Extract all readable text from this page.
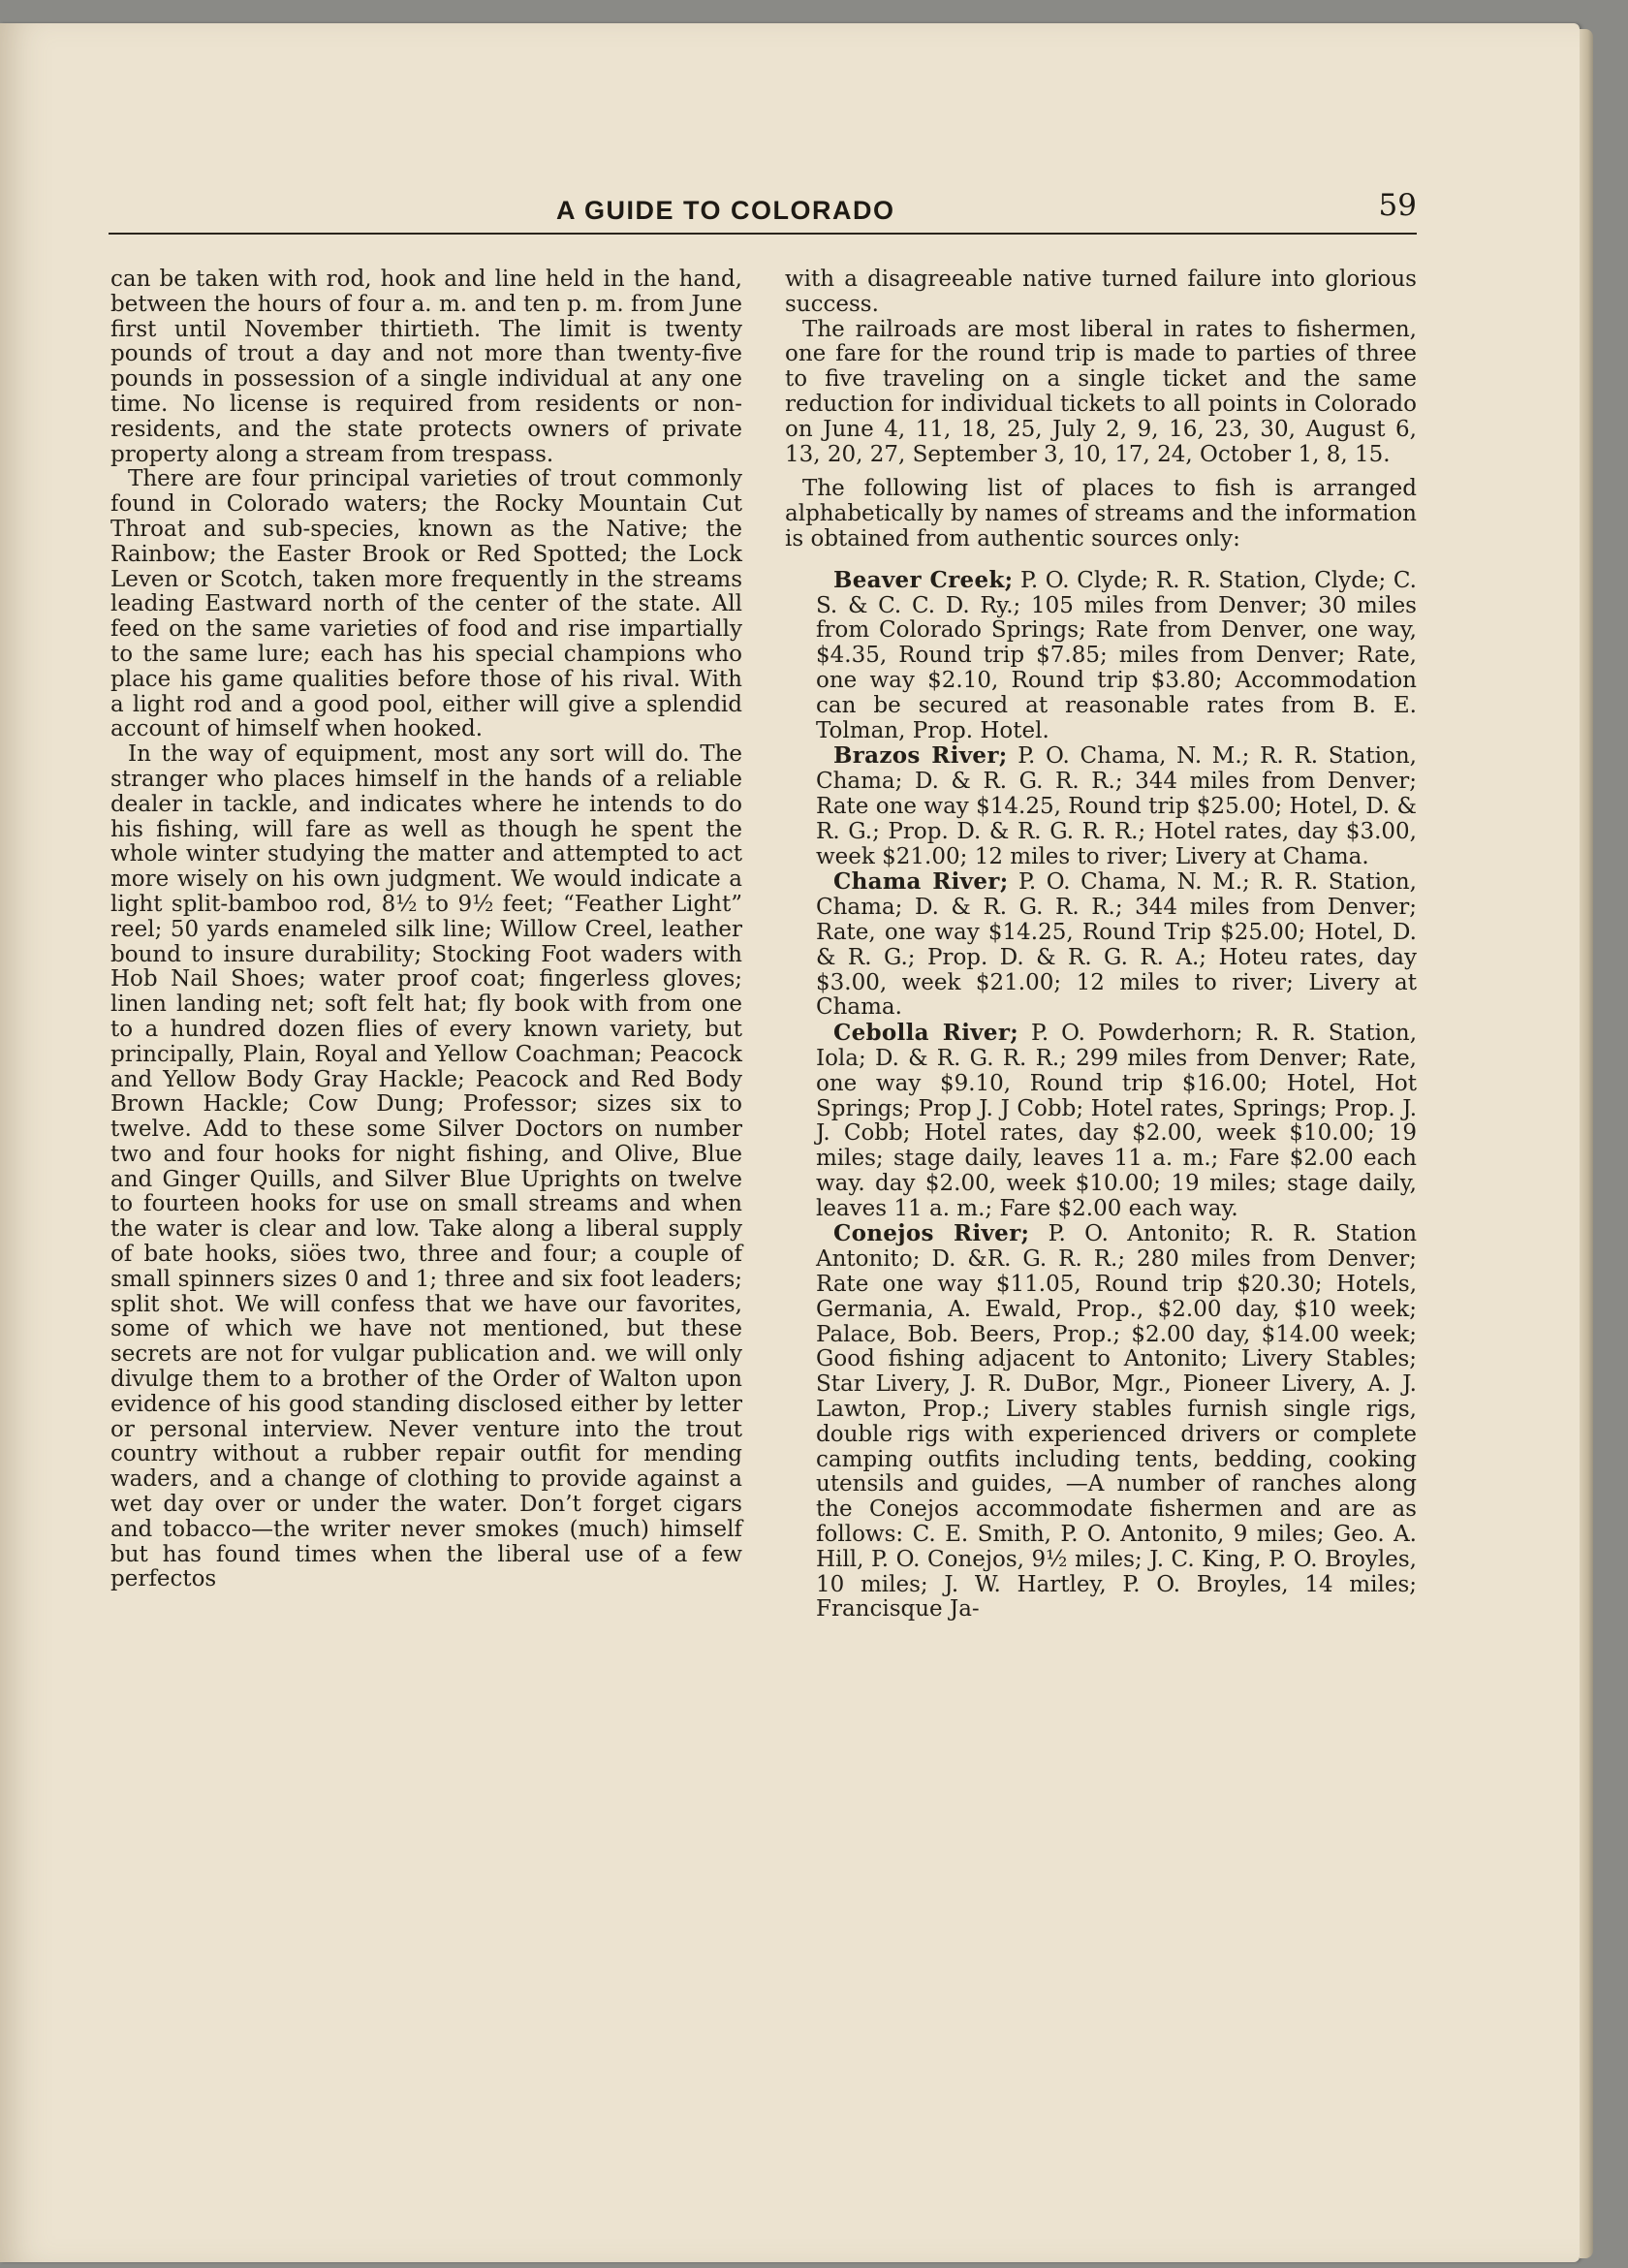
A GUIDE TO COLORADO	59

can be taken with rod, hook and line held in the hand, between the hours of four a. m. and ten p. m. from June first until November thirtieth. The limit is twenty pounds of trout a day and not more than twenty-five pounds in possession of a single individual at any one time. No license is required from residents or non-residents, and the state protects owners of private property along a stream from trespass.

There are four principal varieties of trout commonly found in Colorado waters; the Rocky Mountain Cut Throat and sub-species, known as the Native; the Rainbow; the Easter Brook or Red Spotted; the Lock Leven or Scotch, taken more frequently in the streams leading Eastward north of the center of the state. All feed on the same varieties of food and rise impartially to the same lure; each has his special champions who place his game qualities before those of his rival. With a light rod and a good pool, either will give a splendid account of himself when hooked.

In the way of equipment, most any sort will do. The stranger who places himself in the hands of a reliable dealer in tackle, and indicates where he intends to do his fishing, will fare as well as though he spent the whole winter studying the matter and attempted to act more wisely on his own judgment. We would indicate a light split-bamboo rod, 8½ to 9½ feet; “Feather Light” reel; 50 yards enameled silk line; Willow Creel, leather bound to insure durability; Stocking Foot waders with Hob Nail Shoes; water proof coat; fingerless gloves; linen landing net; soft felt hat; fly book with from one to a hundred dozen flies of every known variety, but principally, Plain, Royal and Yellow Coachman; Peacock and Yellow Body Gray Hackle; Peacock and Red Body Brown Hackle; Cow Dung; Professor; sizes six to twelve. Add to these some Silver Doctors on number two and four hooks for night fishing, and Olive, Blue and Ginger Quills, and Silver Blue Uprights on twelve to fourteen hooks for use on small streams and when the water is clear and low. Take along a liberal supply of bate hooks, siöes two, three and four; a couple of small spinners sizes 0 and 1; three and six foot leaders; split shot. We will confess that we have our favorites, some of which we have not mentioned, but these secrets are not for vulgar publication and. we will only divulge them to a brother of the Order of Walton upon evidence of his good standing disclosed either by letter or personal interview. Never venture into the trout country without a rubber repair outfit for mending waders, and a change of clothing to provide against a wet day over or under the water. Don’t forget cigars and tobacco—the writer never smokes (much) himself but has found times when the liberal use of a few perfectos

with a disagreeable native turned failure into glorious success.

The railroads are most liberal in rates to fishermen, one fare for the round trip is made to parties of three to five traveling on a single ticket and the same reduction for individual tickets to all points in Colorado on June 4, 11, 18, 25, July 2, 9, 16, 23, 30, August 6, 13, 20, 27, September 3, 10, 17, 24, October 1, 8, 15.

The following list of places to fish is arranged alphabetically by names of streams and the information is obtained from authentic sources only:

Beaver Creek; P. O. Clyde; R. R. Station, Clyde; C. S. & C. C. D. Ry.; 105 miles from Denver; 30 miles from Colorado Springs; Rate from Denver, one way, $4.35, Round trip $7.85; miles from Denver; Rate, one way $2.10, Round trip $3.80; Accommodation can be secured at reasonable rates from B. E. Tolman, Prop. Hotel.

Brazos River; P. O. Chama, N. M.; R. R. Station, Chama; D. & R. G. R. R.; 344 miles from Denver; Rate one way $14.25, Round trip $25.00; Hotel, D. & R. G.; Prop. D. & R. G. R. R.; Hotel rates, day $3.00, week $21.00; 12 miles to river; Livery at Chama.

Chama River; P. O. Chama, N. M.; R. R. Station, Chama; D. & R. G. R. R.; 344 miles from Denver; Rate, one way $14.25, Round Trip $25.00; Hotel, D. & R. G.; Prop. D. & R. G. R. A.; Hoteu rates, day $3.00, week $21.00; 12 miles to river; Livery at Chama.

Cebolla River; P. O. Powderhorn; R. R. Station, Iola; D. & R. G. R. R.; 299 miles from Denver; Rate, one way $9.10, Round trip $16.00; Hotel, Hot Springs; Prop J. J Cobb; Hotel rates, Springs; Prop. J. J. Cobb; Hotel rates, day $2.00, week $10.00; 19 miles; stage daily, leaves 11 a. m.; Fare $2.00 each way. day $2.00, week $10.00; 19 miles; stage daily, leaves 11 a. m.; Fare $2.00 each way.

Conejos River; P. O. Antonito; R. R. Station Antonito; D. &R. G. R. R.; 280 miles from Denver; Rate one way $11.05, Round trip $20.30; Hotels, Germania, A. Ewald, Prop., $2.00 day, $10 week; Palace, Bob. Beers, Prop.; $2.00 day, $14.00 week; Good fishing adjacent to Antonito; Livery Stables; Star Livery, J. R. DuBor, Mgr., Pioneer Livery, A. J. Lawton, Prop.; Livery stables furnish single rigs, double rigs with experienced drivers or complete camping outfits including tents, bedding, cooking utensils and guides, —A number of ranches along the Conejos accommodate fishermen and are as follows: C. E. Smith, P. O. Antonito, 9 miles; Geo. A. Hill, P. O. Conejos, 9½ miles; J. C. King, P. O. Broyles, 10 miles; J. W. Hartley, P. O. Broyles, 14 miles; Francisque Ja-
